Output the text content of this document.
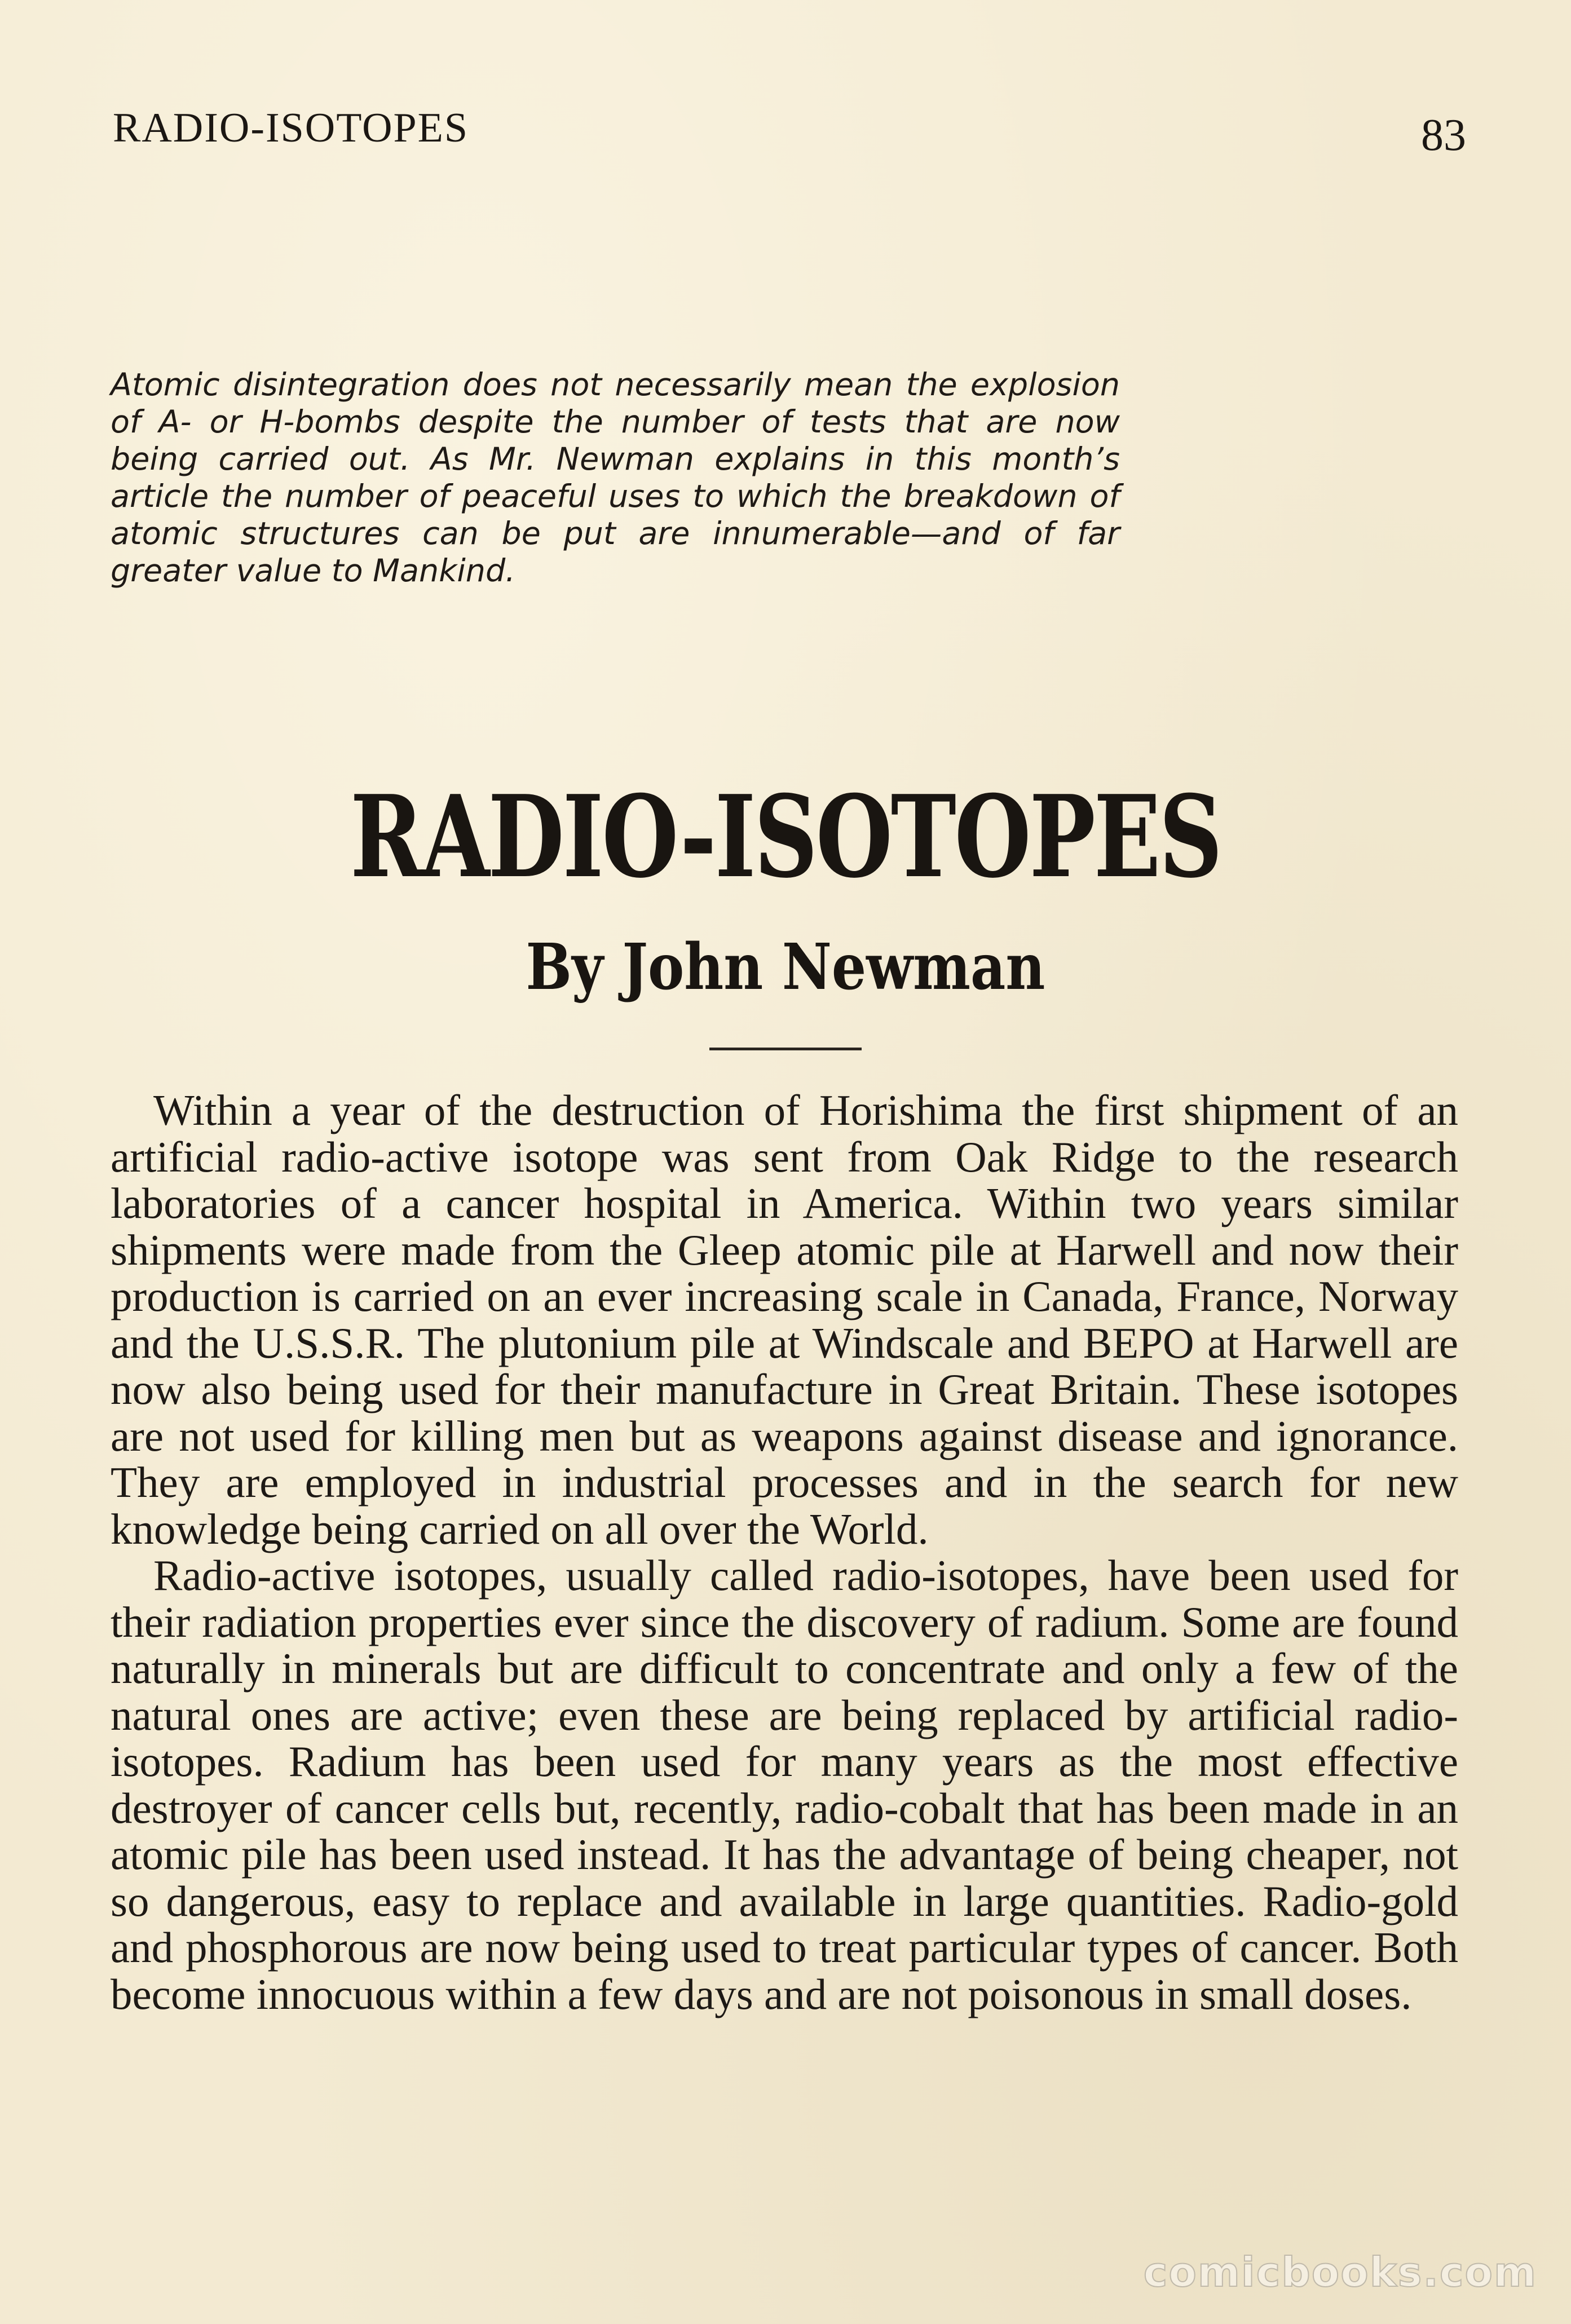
RADIO-ISOTOPES	83
Atomic disintegration does not necessarily mean the explosion of A- or H-bombs despite the number of tests that are now being carried out. As Mr. Newman explains in this month’s article the number of peaceful uses to which the breakdown of atomic structures can be put are innumerable—and of far greater value to Mankind.
RADIO-ISOTOPES
By John Newman

Within a year of the destruction of Horishima the first shipment of an artificial radio-active isotope was sent from Oak Ridge to the research laboratories of a cancer hospital in America. Within two years similar shipments were made from the Gleep atomic pile at Harwell and now their production is carried on an ever increasing scale in Canada, France, Norway and the U.S.S.R. The plutonium pile at Windscale and BEPO at Harwell are now also being used for their manufacture in Great Britain. These isotopes are not used for killing men but as weapons against disease and ignorance. They are employed in industrial processes and in the search for new knowledge being carried on all over the World.

Radio-active isotopes, usually called radio-isotopes, have been used for their radiation properties ever since the discovery of radium. Some are found naturally in minerals but are difficult to concentrate and only a few of the natural ones are active; even these are being replaced by artificial radio-isotopes. Radium has been used for many years as the most effective destroyer of cancer cells but, recently, radio-cobalt that has been made in an atomic pile has been used instead. It has the advantage of being cheaper, not so dangerous, easy to replace and available in large quantities. Radio-gold and phosphorous are now being used to treat particular types of cancer. Both become innocuous within a few days and are not poisonous in small doses.

comicbooks.com
